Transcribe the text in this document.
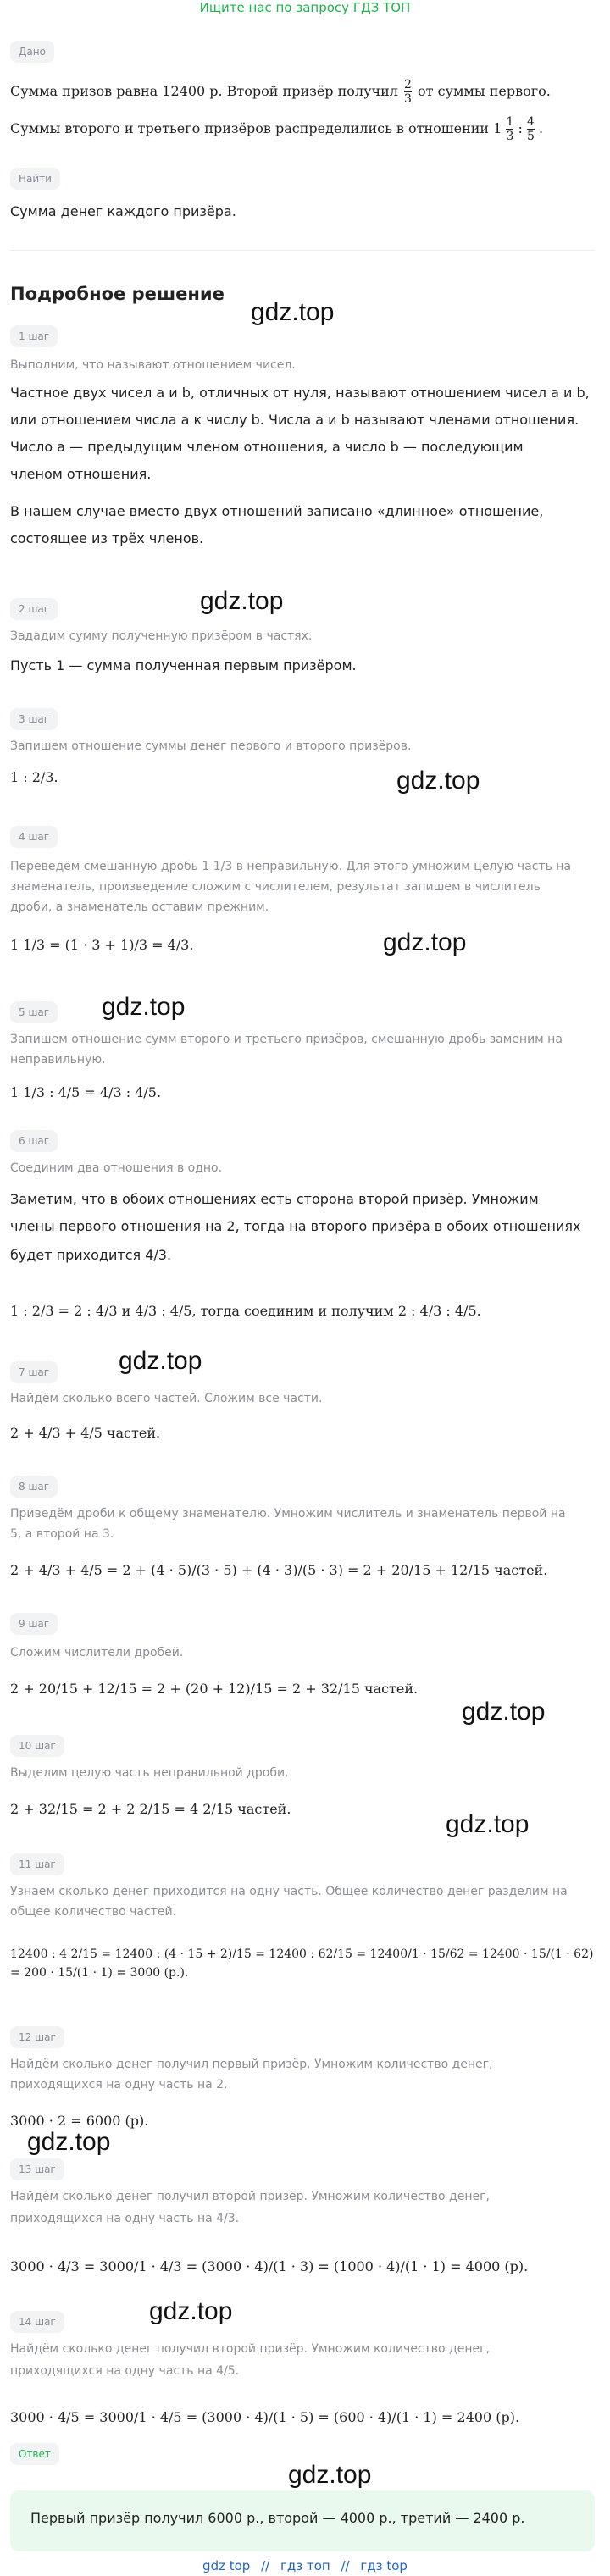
Ищите нас по запросу ГДЗ ТОП
Дано
Сумма призов равна 12400 р. Второй призёр получил $\frac{2}{3}$ от суммы первого.
Суммы второго и третьего призёров распределились в отношении $1 \frac{1}{3}$ : $\frac{4}{5}$ .
Найти
Сумма денег каждого призёра.
Подробное решение
gdz.top
gdz.top
gdz.top
gdz.top
gdz.top
gdz.top
gdz.top
gdz.top
gdz.top
gdz.top
gdz.top
1 шаг
Выполним, что называют отношением чисел.
Частное двух чисел a и b, отличных от нуля, называют отношением чисел a и b,
или отношением числа a к числу b. Числа a и b называют членами отношения.
Число a — предыдущим членом отношения, а число b — последующим
членом отношения.
В нашем случае вместо двух отношений записано «длинное» отношение,
состоящее из трёх членов.
2 шаг
Зададим сумму полученную призёром в частях.
Пусть 1 — сумма полученная первым призёром.
3 шаг
Запишем отношение суммы денег первого и второго призёров.
1 : 2/3.
4 шаг
Переведём смешанную дробь 1 1/3 в неправильную. Для этого умножим целую часть на
знаменатель, произведение сложим с числителем, результат запишем в числитель
дроби, а знаменатель оставим прежним.
1 1/3 = (1 · 3 + 1)/3 = 4/3.
5 шаг
Запишем отношение сумм второго и третьего призёров, смешанную дробь заменим на
неправильную.
1 1/3 : 4/5 = 4/3 : 4/5.
6 шаг
Соединим два отношения в одно.
Заметим, что в обоих отношениях есть сторона второй призёр. Умножим
члены первого отношения на 2, тогда на второго призёра в обоих отношениях
будет приходится 4/3.
1 : 2/3 = 2 : 4/3 и 4/3 : 4/5, тогда соединим и получим 2 : 4/3 : 4/5.
7 шаг
Найдём сколько всего частей. Сложим все части.
2 + 4/3 + 4/5 частей.
8 шаг
Приведём дроби к общему знаменателю. Умножим числитель и знаменатель первой на
5, а второй на 3.
2 + 4/3 + 4/5 = 2 + (4 · 5)/(3 · 5) + (4 · 3)/(5 · 3) = 2 + 20/15 + 12/15 частей.
9 шаг
Сложим числители дробей.
2 + 20/15 + 12/15 = 2 + (20 + 12)/15 = 2 + 32/15 частей.
10 шаг
Выделим целую часть неправильной дроби.
2 + 32/15 = 2 + 2 2/15 = 4 2/15 частей.
11 шаг
Узнаем сколько денег приходится на одну часть. Общее количество денег разделим на
общее количество частей.
12400 : 4 2/15 = 12400 : (4 · 15 + 2)/15 = 12400 : 62/15 = 12400/1 · 15/62 = 12400 · 15/(1 · 62) = 200 · 15/(1 · 1) = 3000 (р.).
12 шаг
Найдём сколько денег получил первый призёр. Умножим количество денег,
приходящихся на одну часть на 2.
3000 · 2 = 6000 (р).
13 шаг
Найдём сколько денег получил второй призёр. Умножим количество денег,
приходящихся на одну часть на 4/3.
3000 · 4/3 = 3000/1 · 4/3 = (3000 · 4)/(1 · 3) = (1000 · 4)/(1 · 1) = 4000 (р).
14 шаг
Найдём сколько денег получил второй призёр. Умножим количество денег,
приходящихся на одну часть на 4/5.
3000 · 4/5 = 3000/1 · 4/5 = (3000 · 4)/(1 · 5) = (600 · 4)/(1 · 1) = 2400 (р).
Ответ
Первый призёр получил 6000 р., второй — 4000 р., третий — 2400 р.
gdz top // гдз топ // гдз top
